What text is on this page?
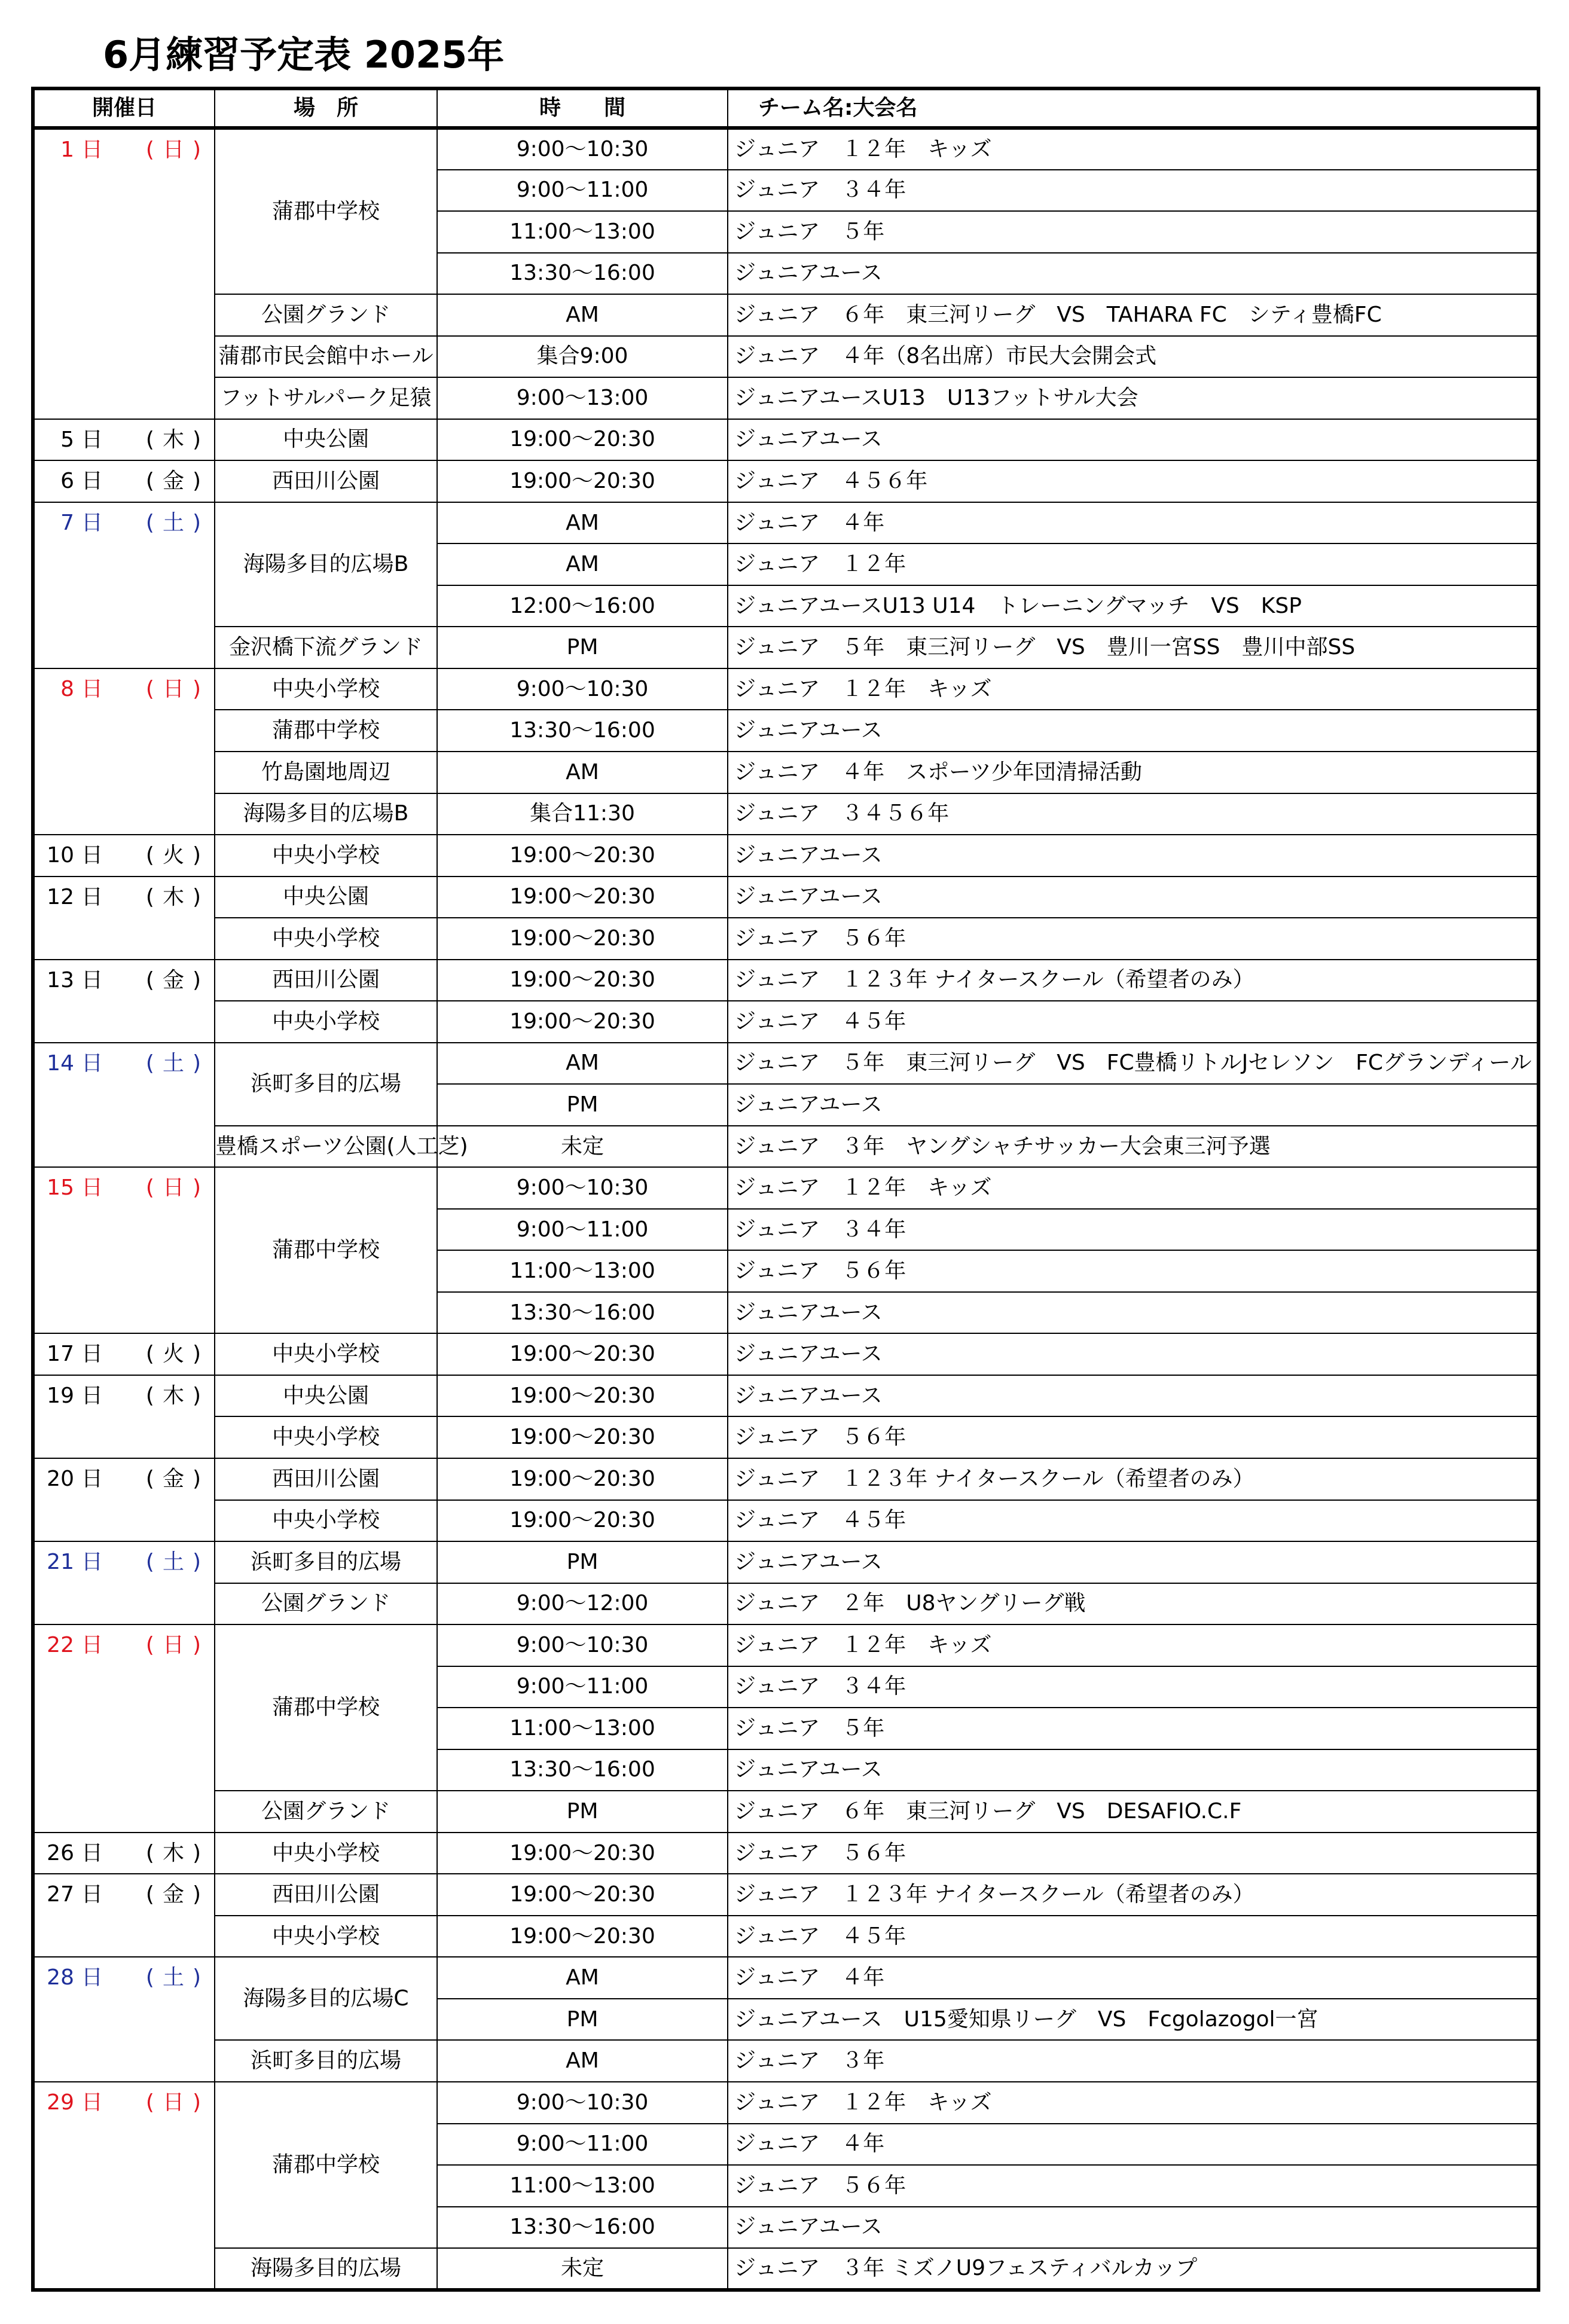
6月練習予定表 2025年
開催日	場　所	時　　間	チーム名:大会名

1 日 ( 日 )	蒲郡中学校	9:00～10:30	ジュニア　１２年　キッズ
		9:00～11:00	ジュニア　３４年
		11:00～13:00	ジュニア　５年
		13:30～16:00	ジュニアユース
	公園グランド	AM	ジュニア　６年　東三河リーグ　VS　TAHARA FC　シティ豊橋FC
	蒲郡市民会館中ホール	集合9:00	ジュニア　４年（8名出席）市民大会開会式
	フットサルパーク足猿	9:00～13:00	ジュニアユースU13　U13フットサル大会

5 日 ( 木 )	中央公園	19:00～20:30	ジュニアユース

6 日 ( 金 )	西田川公園	19:00～20:30	ジュニア　４５６年

7 日 ( 土 )	海陽多目的広場B	AM	ジュニア　４年
		AM	ジュニア　１２年
		12:00～16:00	ジュニアユースU13 U14　トレーニングマッチ　VS　KSP
	金沢橋下流グランド	PM	ジュニア　５年　東三河リーグ　VS　豊川一宮SS　豊川中部SS

8 日 ( 日 )	中央小学校	9:00～10:30	ジュニア　１２年　キッズ
	蒲郡中学校	13:30～16:00	ジュニアユース
	竹島園地周辺	AM	ジュニア　４年　スポーツ少年団清掃活動
	海陽多目的広場B	集合11:30	ジュニア　３４５６年

10 日 ( 火 )	中央小学校	19:00～20:30	ジュニアユース

12 日 ( 木 )	中央公園	19:00～20:30	ジュニアユース
	中央小学校	19:00～20:30	ジュニア　５６年

13 日 ( 金 )	西田川公園	19:00～20:30	ジュニア　１２３年 ナイタースクール（希望者のみ）
	中央小学校	19:00～20:30	ジュニア　４５年

14 日 ( 土 )	浜町多目的広場	AM	ジュニア　５年　東三河リーグ　VS　FC豊橋リトルJセレソン　FCグランディール
		PM	ジュニアユース
	豊橋スポーツ公園(人工芝)	未定	ジュニア　３年　ヤングシャチサッカー大会東三河予選

15 日 ( 日 )	蒲郡中学校	9:00～10:30	ジュニア　１２年　キッズ
		9:00～11:00	ジュニア　３４年
		11:00～13:00	ジュニア　５６年
		13:30～16:00	ジュニアユース

17 日 ( 火 )	中央小学校	19:00～20:30	ジュニアユース

19 日 ( 木 )	中央公園	19:00～20:30	ジュニアユース
	中央小学校	19:00～20:30	ジュニア　５６年

20 日 ( 金 )	西田川公園	19:00～20:30	ジュニア　１２３年 ナイタースクール（希望者のみ）
	中央小学校	19:00～20:30	ジュニア　４５年

21 日 ( 土 )	浜町多目的広場	PM	ジュニアユース
	公園グランド	9:00～12:00	ジュニア　２年　U8ヤングリーグ戦

22 日 ( 日 )	蒲郡中学校	9:00～10:30	ジュニア　１２年　キッズ
		9:00～11:00	ジュニア　３４年
		11:00～13:00	ジュニア　５年
		13:30～16:00	ジュニアユース
	公園グランド	PM	ジュニア　６年　東三河リーグ　VS　DESAFIO.C.F

26 日 ( 木 )	中央小学校	19:00～20:30	ジュニア　５６年

27 日 ( 金 )	西田川公園	19:00～20:30	ジュニア　１２３年 ナイタースクール（希望者のみ）
	中央小学校	19:00～20:30	ジュニア　４５年

28 日 ( 土 )	海陽多目的広場C	AM	ジュニア　４年
		PM	ジュニアユース　U15愛知県リーグ　VS　Fcgolazogol一宮
	浜町多目的広場	AM	ジュニア　３年

29 日 ( 日 )	蒲郡中学校	9:00～10:30	ジュニア　１２年　キッズ
		9:00～11:00	ジュニア　４年
		11:00～13:00	ジュニア　５６年
		13:30～16:00	ジュニアユース
	海陽多目的広場	未定	ジュニア　３年 ミズノU9フェスティバルカップ
